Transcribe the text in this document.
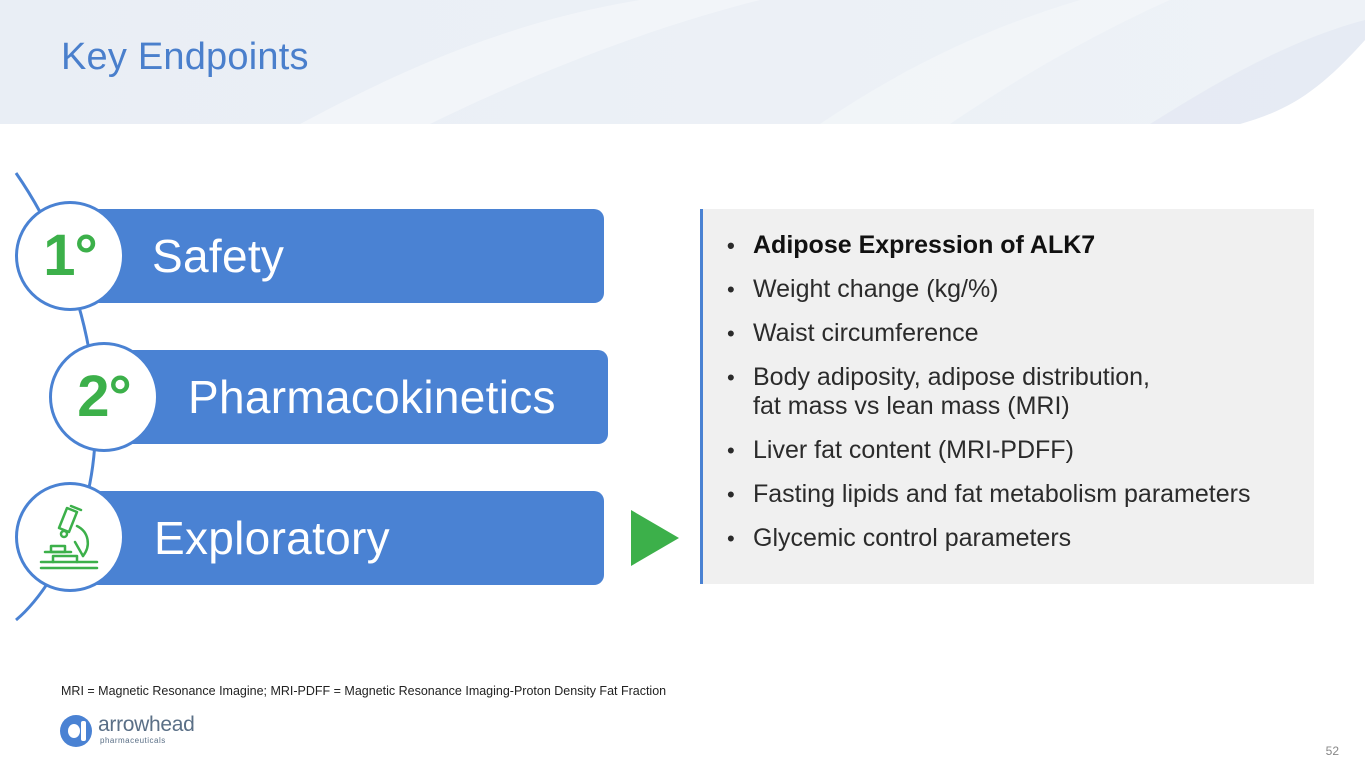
Key Endpoints
Safety
1°
Pharmacokinetics
2°
Exploratory
• Adipose Expression of ALK7
• Weight change (kg/%)
• Waist circumference
• Body adiposity, adipose distribution,
fat mass vs lean mass (MRI)
• Liver fat content (MRI-PDFF)
• Fasting lipids and fat metabolism parameters
• Glycemic control parameters
MRI = Magnetic Resonance Imagine; MRI-PDFF = Magnetic Resonance Imaging-Proton Density Fat Fraction
arrowhead
pharmaceuticals
52
